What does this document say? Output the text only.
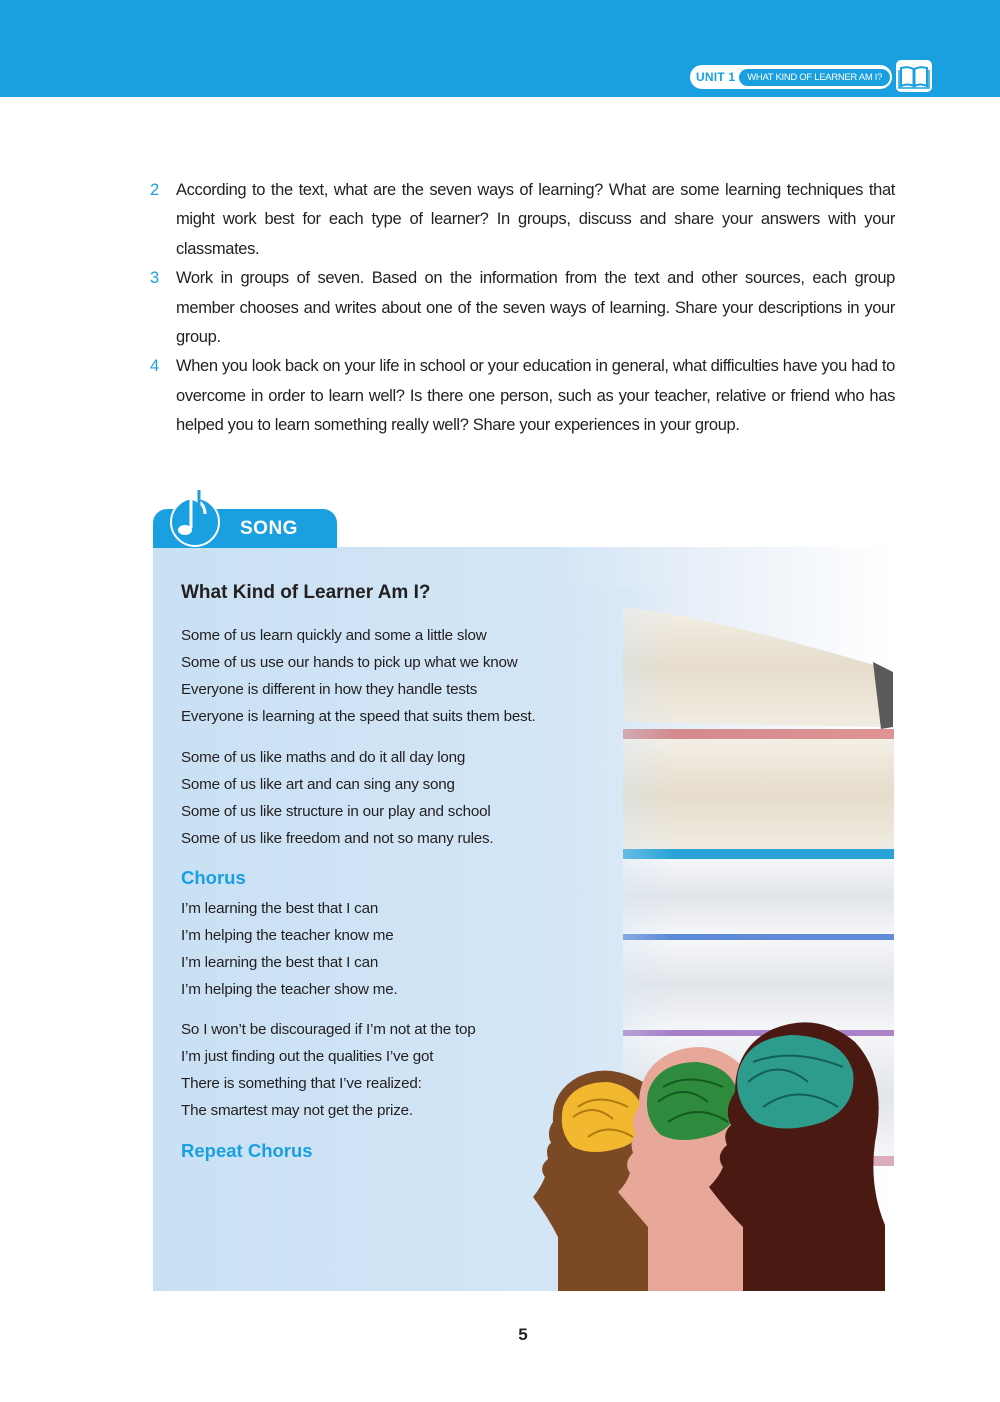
UNIT 1	WHAT KIND OF LEARNER AM I?
2 According to the text, what are the seven ways of learning? What are some learning techniques that might work best for each type of learner? In groups, discuss and share your answers with your classmates.

3 Work in groups of seven. Based on the information from the text and other sources, each group member chooses and writes about one of the seven ways of learning. Share your descriptions in your group.

4 When you look back on your life in school or your education in general, what difficulties have you had to overcome in order to learn well? Is there one person, such as your teacher, relative or friend who has helped you to learn something really well? Share your experiences in your group.

SONG
What Kind of Learner Am I?
Some of us learn quickly and some a little slow
Some of us use our hands to pick up what we know
Everyone is different in how they handle tests
Everyone is learning at the speed that suits them best.
Some of us like maths and do it all day long
Some of us like art and can sing any song
Some of us like structure in our play and school
Some of us like freedom and not so many rules.
Chorus
I’m learning the best that I can
I’m helping the teacher know me
I’m learning the best that I can
I’m helping the teacher show me.
So I won’t be discouraged if I’m not at the top
I’m just finding out the qualities I’ve got
There is something that I’ve realized:
The smartest may not get the prize.
Repeat Chorus
5
